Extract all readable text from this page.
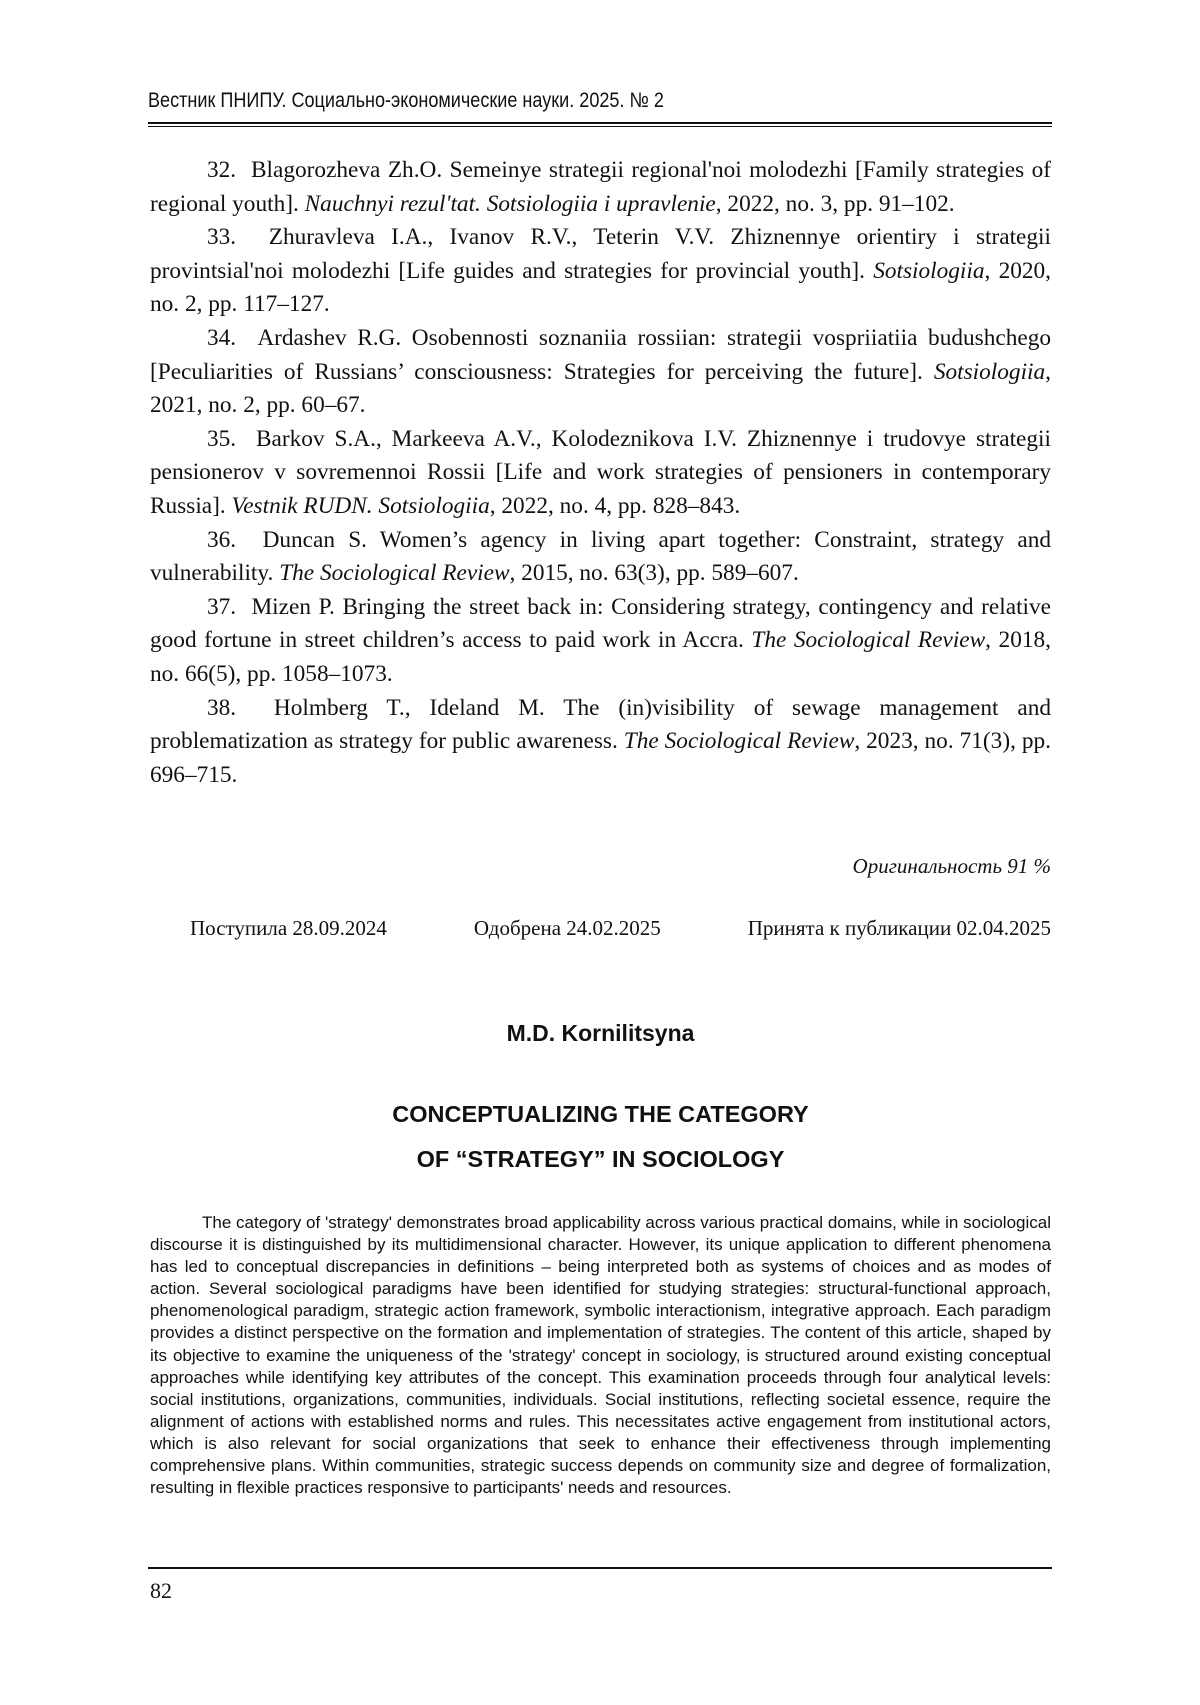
Вестник ПНИПУ. Социально-экономические науки. 2025. № 2

32. Blagorozheva Zh.O. Semeinye strategii regional'noi molodezhi [Family strategies of regional youth]. Nauchnyi rezul'tat. Sotsiologiia i upravlenie, 2022, no. 3, pp. 91–102.

33. Zhuravleva I.A., Ivanov R.V., Teterin V.V. Zhiznennye orientiry i strategii provintsial'noi molodezhi [Life guides and strategies for provincial youth]. Sotsiologiia, 2020, no. 2, pp. 117–127.

34. Ardashev R.G. Osobennosti soznaniia rossiian: strategii vospriiatiia budushchego [Peculiarities of Russians’ consciousness: Strategies for perceiving the future]. Sotsiologiia, 2021, no. 2, pp. 60–67.

35. Barkov S.A., Markeeva A.V., Kolodeznikova I.V. Zhiznennye i trudovye strategii pensionerov v sovremennoi Rossii [Life and work strategies of pensioners in contemporary Russia]. Vestnik RUDN. Sotsiologiia, 2022, no. 4, pp. 828–843.

36. Duncan S. Women’s agency in living apart together: Constraint, strategy and vulnerability. The Sociological Review, 2015, no. 63(3), pp. 589–607.

37. Mizen P. Bringing the street back in: Considering strategy, contingency and relative good fortune in street children’s access to paid work in Accra. The Sociological Review, 2018, no. 66(5), pp. 1058–1073.

38. Holmberg T., Ideland M. The (in)visibility of sewage management and problematization as strategy for public awareness. The Sociological Review, 2023, no. 71(3), pp. 696–715.

Оригинальность 91 %
Поступила 28.09.2024	Одобрена 24.02.2025	Принята к публикации 02.04.2025
M.D. Kornilitsyna
CONCEPTUALIZING THE CATEGORY
OF “STRATEGY” IN SOCIOLOGY

The category of 'strategy' demonstrates broad applicability across various practical domains, while in sociological discourse it is distinguished by its multidimensional character. However, its unique application to different phenomena has led to conceptual discrepancies in definitions – being interpreted both as systems of choices and as modes of action. Several sociological paradigms have been identified for studying strategies: structural-functional approach, phenomenological paradigm, strategic action framework, symbolic interactionism, integrative approach. Each paradigm provides a distinct perspective on the formation and implementation of strategies. The content of this article, shaped by its objective to examine the uniqueness of the 'strategy' concept in sociology, is structured around existing conceptual approaches while identifying key attributes of the concept. This examination proceeds through four analytical levels: social institutions, organizations, communities, individuals. Social institutions, reflecting societal essence, require the alignment of actions with established norms and rules. This necessitates active engagement from institutional actors, which is also relevant for social organizations that seek to enhance their effectiveness through implementing comprehensive plans. Within communities, strategic success depends on community size and degree of formalization, resulting in flexible practices responsive to participants' needs and resources.

82
